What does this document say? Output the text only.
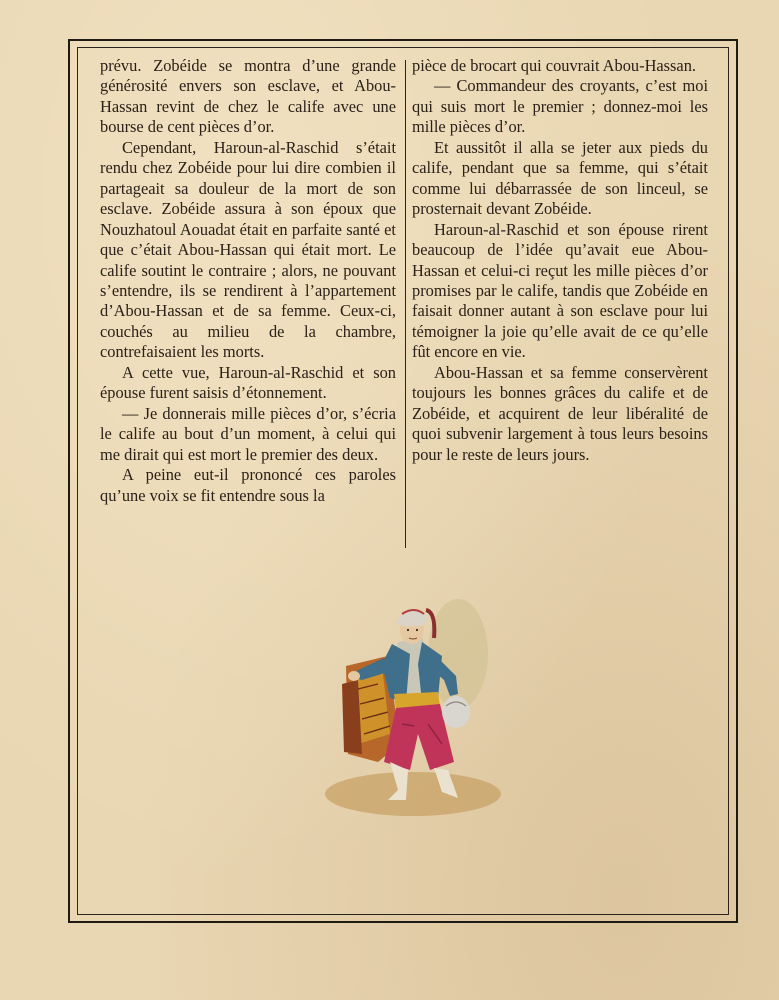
prévu. Zobéide se montra d’une grande générosité envers son esclave, et Abou-Hassan revint de chez le calife avec une bourse de cent pièces d’or.

Cependant, Haroun-al-Raschid s’était rendu chez Zobéide pour lui dire combien il partageait sa douleur de la mort de son esclave. Zobéide assura à son époux que Nouzhatoul Aouadat était en parfaite santé et que c’était Abou-Hassan qui était mort. Le calife soutint le contraire ; alors, ne pouvant s’entendre, ils se rendirent à l’appartement d’Abou-Hassan et de sa femme. Ceux-ci, couchés au milieu de la chambre, contrefaisaient les morts.

A cette vue, Haroun-al-Raschid et son épouse furent saisis d’étonnement.

— Je donnerais mille pièces d’or, s’écria le calife au bout d’un moment, à celui qui me dirait qui est mort le premier des deux.

A peine eut-il prononcé ces paroles qu’une voix se fit entendre sous la

pièce de brocart qui couvrait Abou-Hassan.

— Commandeur des croyants, c’est moi qui suis mort le premier ; donnez-moi les mille pièces d’or.

Et aussitôt il alla se jeter aux pieds du calife, pendant que sa femme, qui s’était comme lui débarrassée de son linceul, se prosternait devant Zobéide.

Haroun-al-Raschid et son épouse rirent beaucoup de l’idée qu’avait eue Abou-Hassan et celui-ci reçut les mille pièces d’or promises par le calife, tandis que Zobéide en faisait donner autant à son esclave pour lui témoigner la joie qu’elle avait de ce qu’elle fût encore en vie.

Abou-Hassan et sa femme conservèrent toujours les bonnes grâces du calife et de Zobéide, et acquirent de leur libéralité de quoi subvenir largement à tous leurs besoins pour le reste de leurs jours.
